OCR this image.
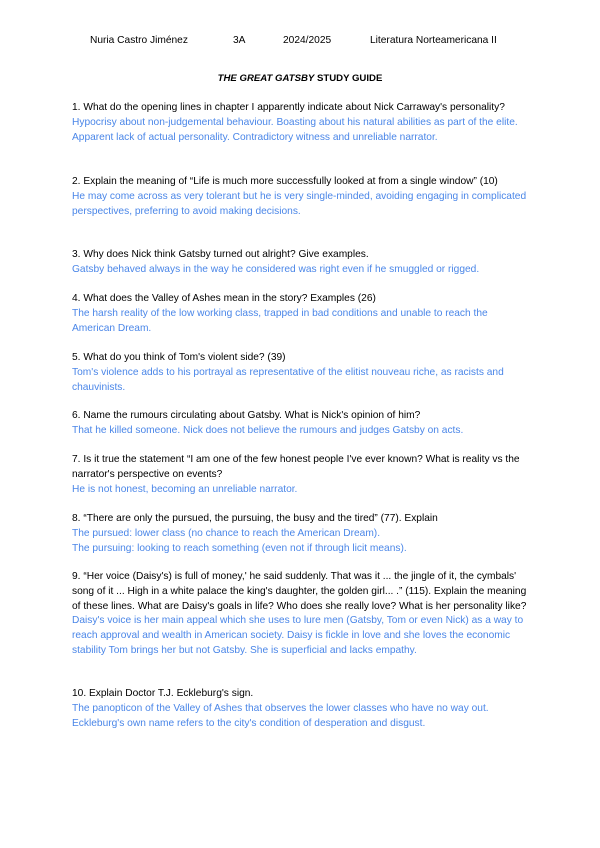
Nuria Castro Jiménez	3A	2024/2025	Literatura Norteamericana II
THE GREAT GATSBY STUDY GUIDE
1. What do the opening lines in chapter I apparently indicate about Nick Carraway's personality?

Hypocrisy about non-judgemental behaviour. Boasting about his natural abilities as part of the elite. Apparent lack of actual personality. Contradictory witness and unreliable narrator.

2. Explain the meaning of “Life is much more successfully looked at from a single window” (10)

He may come across as very tolerant but he is very single-minded, avoiding engaging in complicated perspectives, preferring to avoid making decisions.

3. Why does Nick think Gatsby turned out alright? Give examples.

Gatsby behaved always in the way he considered was right even if he smuggled or rigged.

4. What does the Valley of Ashes mean in the story? Examples (26)

The harsh reality of the low working class, trapped in bad conditions and unable to reach the American Dream.

5. What do you think of Tom's violent side? (39)

Tom's violence adds to his portrayal as representative of the elitist nouveau riche, as racists and chauvinists.

6. Name the rumours circulating about Gatsby. What is Nick's opinion of him?

That he killed someone. Nick does not believe the rumours and judges Gatsby on acts.

7. Is it true the statement “I am one of the few honest people I've ever known? What is reality vs the narrator's perspective on events?

He is not honest, becoming an unreliable narrator.

8. “There are only the pursued, the pursuing, the busy and the tired” (77). Explain

The pursued: lower class (no chance to reach the American Dream).

The pursuing: looking to reach something (even not if through licit means).

9. “Her voice (Daisy's) is full of money,' he said suddenly. That was it ... the jingle of it, the cymbals' song of it ... High in a white palace the king's daughter, the golden girl... .” (115). Explain the meaning of these lines. What are Daisy's goals in life? Who does she really love? What is her personality like?

Daisy's voice is her main appeal which she uses to lure men (Gatsby, Tom or even Nick) as a way to reach approval and wealth in American society. Daisy is fickle in love and she loves the economic stability Tom brings her but not Gatsby. She is superficial and lacks empathy.

10. Explain Doctor T.J. Eckleburg's sign.

The panopticon of the Valley of Ashes that observes the lower classes who have no way out. Eckleburg's own name refers to the city's condition of desperation and disgust.
